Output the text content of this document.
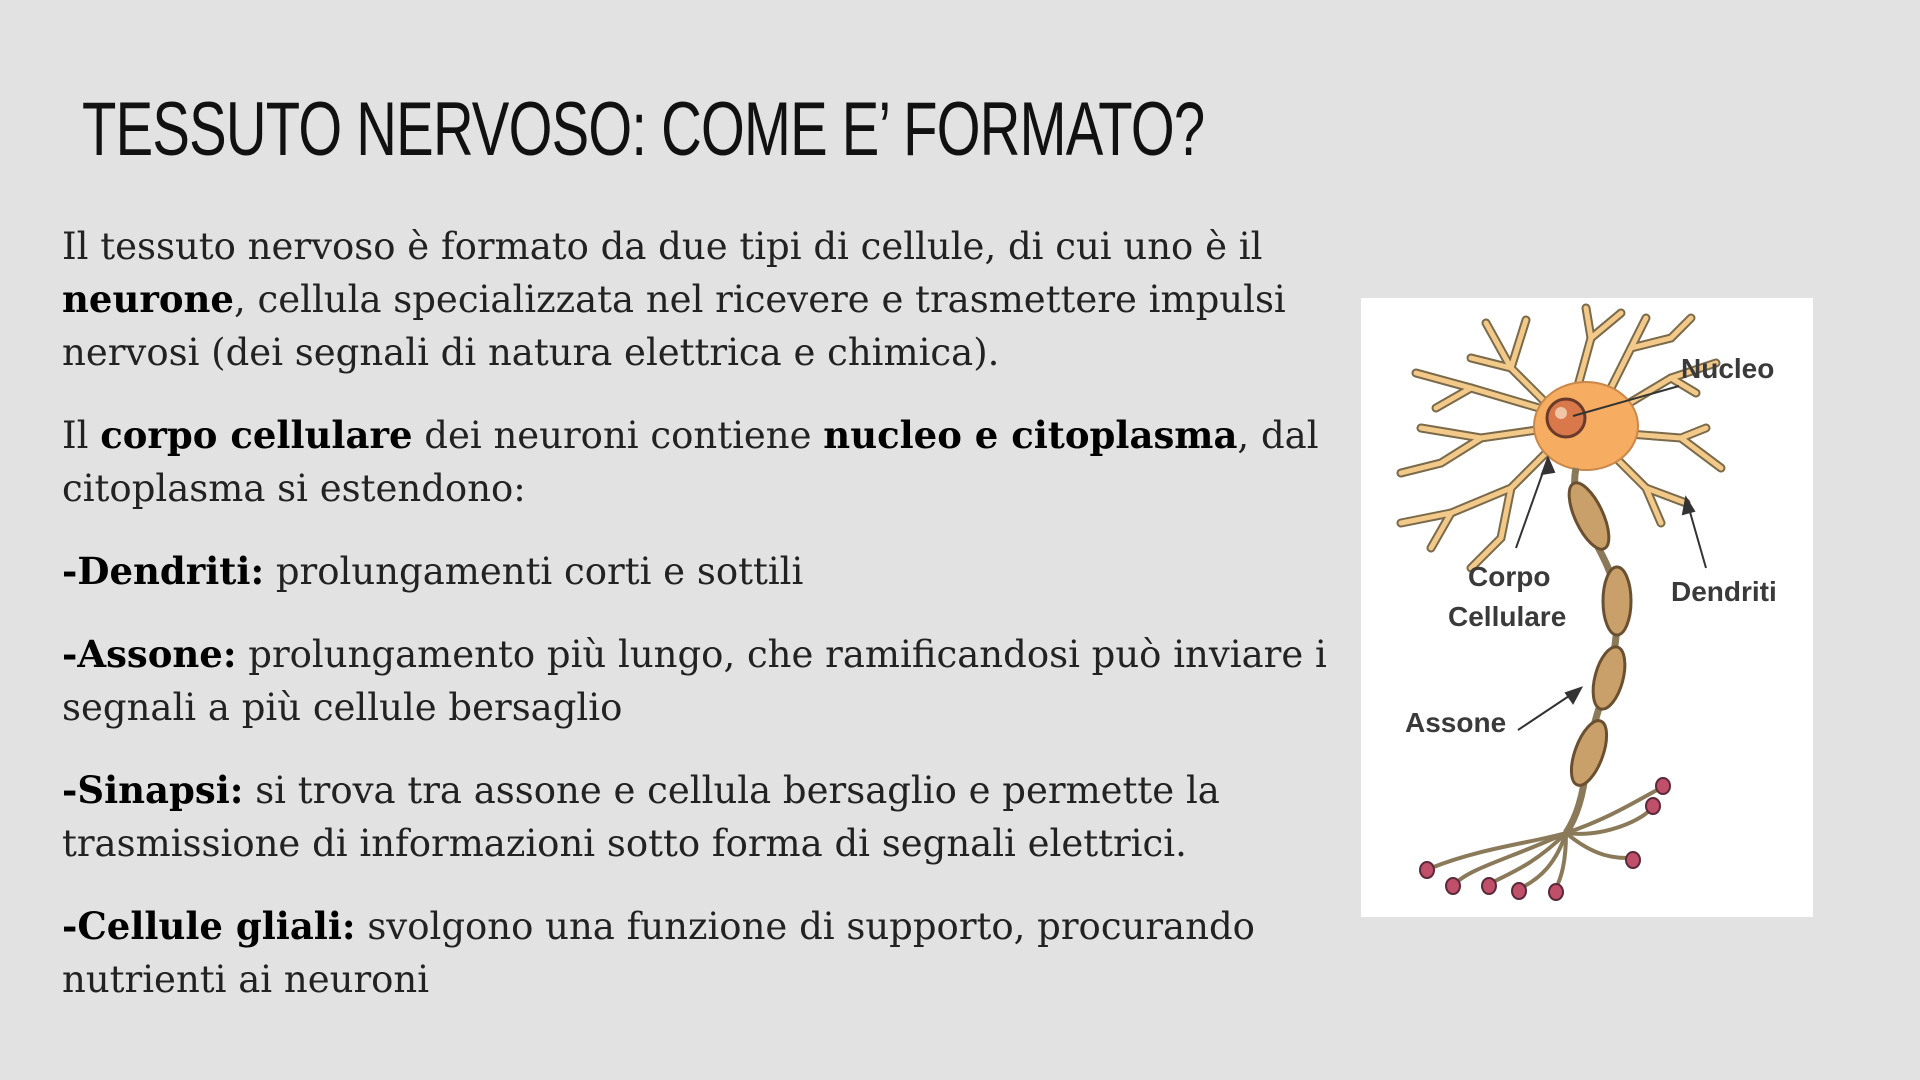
TESSUTO NERVOSO: COME E’ FORMATO?

Il tessuto nervoso è formato da due tipi di cellule, di cui uno è il neurone, cellula specializzata nel ricevere e trasmettere impulsi nervosi (dei segnali di natura elettrica e chimica).

Il corpo cellulare dei neuroni contiene nucleo e citoplasma, dal citoplasma si estendono:

-Dendriti: prolungamenti corti e sottili

-Assone: prolungamento più lungo, che ramificandosi può inviare i segnali a più cellule bersaglio

-Sinapsi: si trova tra assone e cellula bersaglio e permette la trasmissione di informazioni sotto forma di segnali elettrici.

-Cellule gliali: svolgono una funzione di supporto, procurando nutrienti ai neuroni

Nucleo
Corpo
Cellulare
Dendriti
Assone
